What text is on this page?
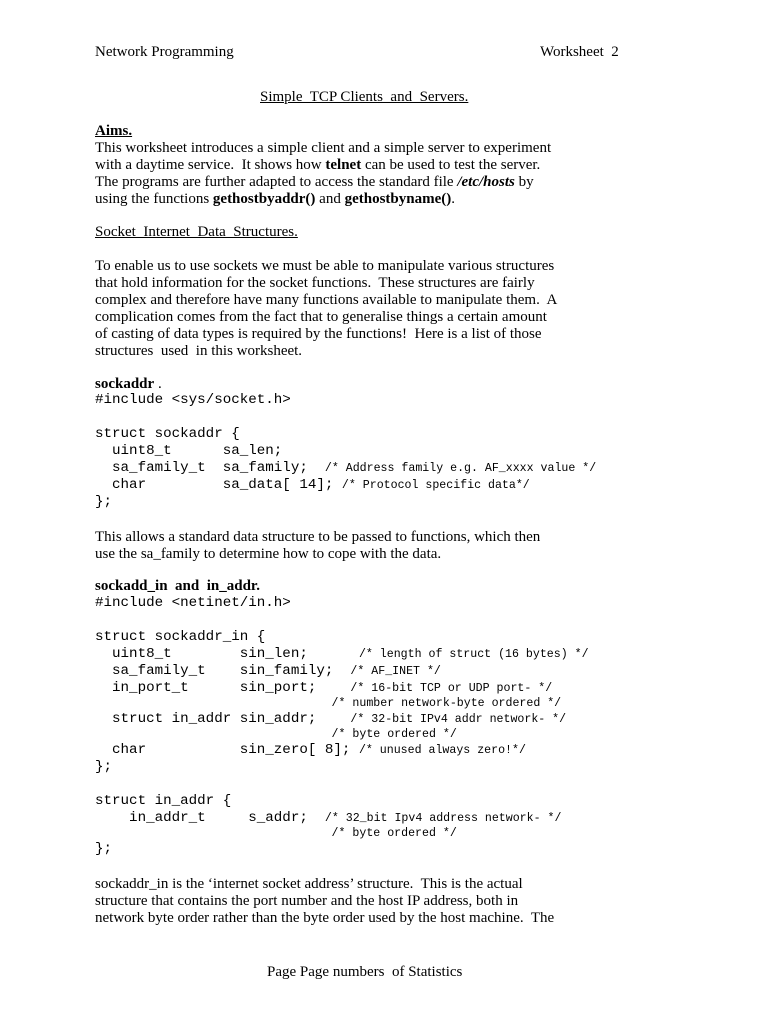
Network Programming	Worksheet  2
Simple  TCP Clients  and  Servers.
Aims.
This worksheet introduces a simple client and a simple server to experiment
with a daytime service.  It shows how telnet can be used to test the server.
The programs are further adapted to access the standard file /etc/hosts by
using the functions gethostbyaddr() and gethostbyname().
Socket  Internet  Data  Structures.
To enable us to use sockets we must be able to manipulate various structures
that hold information for the socket functions.  These structures are fairly
complex and therefore have many functions available to manipulate them.  A
complication comes from the fact that to generalise things a certain amount
of casting of data types is required by the functions!  Here is a list of those
structures  used  in this worksheet.
sockaddr .
#include <sys/socket.h>
struct sockaddr {
uint8_t      sa_len;
sa_family_t  sa_family;  /* Address family e.g. AF_xxxx value */
char         sa_data[ 14]; /* Protocol specific data*/
};
This allows a standard data structure to be passed to functions, which then
use the sa_family to determine how to cope with the data.
sockadd_in  and  in_addr.
#include <netinet/in.h>
struct sockaddr_in {
uint8_t        sin_len;      /* length of struct (16 bytes) */
sa_family_t    sin_family;  /* AF_INET */
in_port_t      sin_port;    /* 16-bit TCP or UDP port- */
/* number network-byte ordered */
struct in_addr sin_addr;    /* 32-bit IPv4 addr network- */
/* byte ordered */
char           sin_zero[ 8]; /* unused always zero!*/
};
struct in_addr {
in_addr_t     s_addr;  /* 32_bit Ipv4 address network- */
/* byte ordered */
};
sockaddr_in is the ‘internet socket address’ structure.  This is the actual
structure that contains the port number and the host IP address, both in
network byte order rather than the byte order used by the host machine.  The
Page Page numbers  of Statistics
